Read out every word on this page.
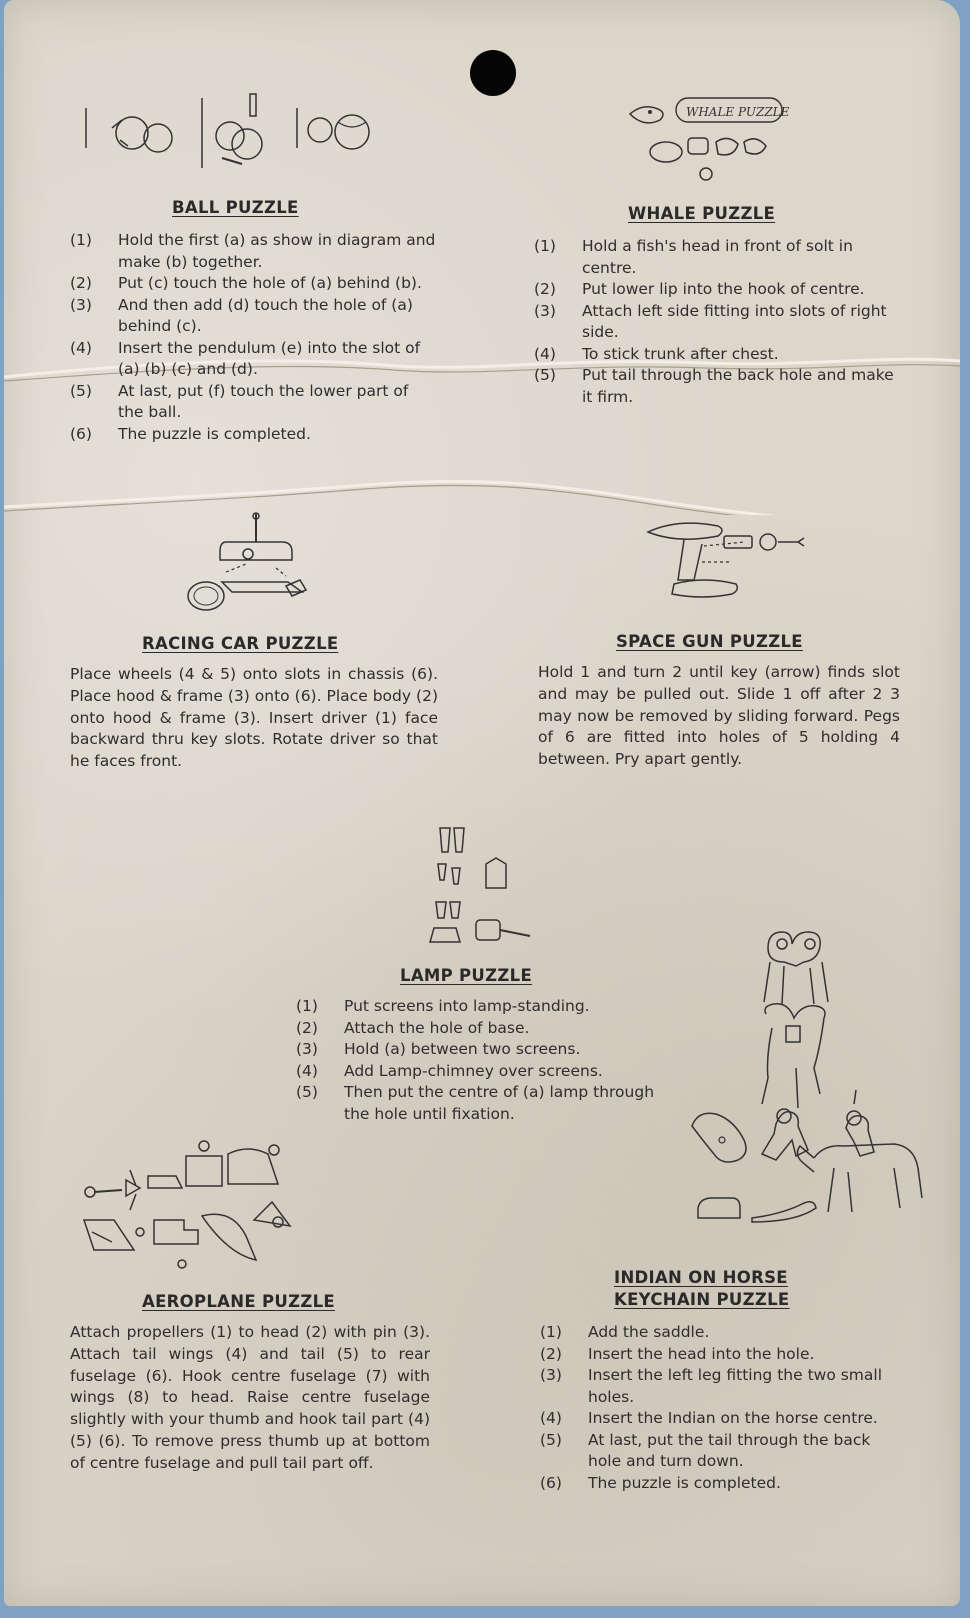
BALL PUZZLE
(1) Hold the first (a) as show in diagram and make (b) together.
(2) Put (c) touch the hole of (a) behind (b).
(3) And then add (d) touch the hole of (a) behind (c).
(4) Insert the pendulum (e) into the slot of (a) (b) (c) and (d).
(5) At last, put (f) touch the lower part of the ball.
(6) The puzzle is completed.
WHALE PUZZLE
WHALE PUZZLE
(1) Hold a fish's head in front of solt in centre.
(2) Put lower lip into the hook of centre.
(3) Attach left side fitting into slots of right side.
(4) To stick trunk after chest.
(5) Put tail through the back hole and make it firm.
RACING CAR PUZZLE

Place wheels (4 & 5) onto slots in chassis (6). Place hood & frame (3) onto (6). Place body (2) onto hood & frame (3). Insert driver (1) face backward thru key slots. Rotate driver so that he faces front.

SPACE GUN PUZZLE

Hold 1 and turn 2 until key (arrow) finds slot and may be pulled out. Slide 1 off after 2 3 may now be removed by sliding forward. Pegs of 6 are fitted into holes of 5 holding 4 between. Pry apart gently.

LAMP PUZZLE
(1) Put screens into lamp-standing.
(2) Attach the hole of base.
(3) Hold (a) between two screens.
(4) Add Lamp-chimney over screens.
(5) Then put the centre of (a) lamp through the hole until fixation.
INDIAN ON HORSE
KEYCHAIN PUZZLE
(1) Add the saddle.
(2) Insert the head into the hole.
(3) Insert the left leg fitting the two small holes.
(4) Insert the Indian on the horse centre.
(5) At last, put the tail through the back hole and turn down.
(6) The puzzle is completed.
AEROPLANE PUZZLE

Attach propellers (1) to head (2) with pin (3). Attach tail wings (4) and tail (5) to rear fuselage (6). Hook centre fuselage (7) with wings (8) to head. Raise centre fuselage slightly with your thumb and hook tail part (4) (5) (6). To remove press thumb up at bottom of centre fuselage and pull tail part off.
